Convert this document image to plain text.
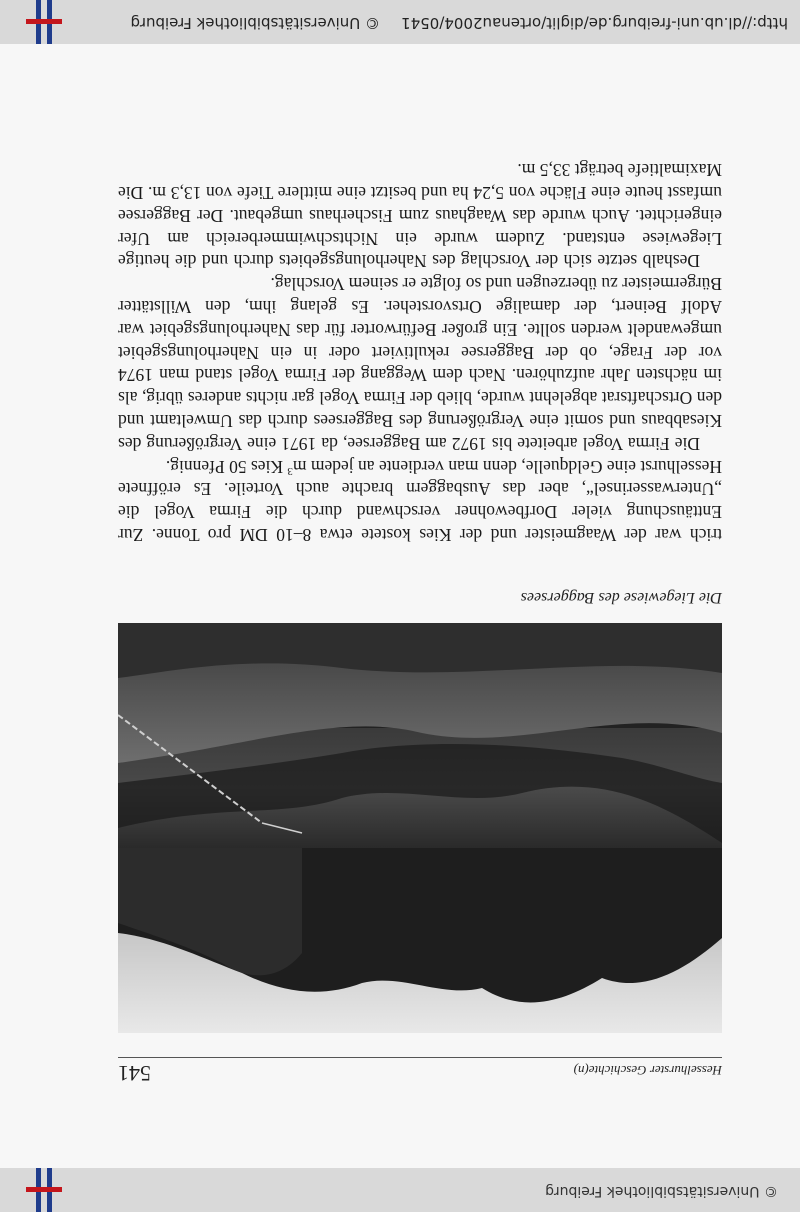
© Universitätsbibliothek Freiburg
Hesselhurster Geschichte(n)
541
Die Liegewiese des Baggersees

trich war der Waagmeister und der Kies kostete etwa 8–10 DM pro Tonne. Zur Enttäuschung vieler Dorfbewohner verschwand durch die Firma Vogel die „Unterwasserinsel“, aber das Ausbaggern brachte auch Vorteile. Es eröffnete Hesselhurst eine Geldquelle, denn man verdiente an jedem $m^3$ Kies 50 Pfennig.

Die Firma Vogel arbeitete bis 1972 am Baggersee, da 1971 eine Vergrößerung des Kiesabbaus und somit eine Vergrößerung des Baggersees durch das Umweltamt und den Ortschaftsrat abgelehnt wurde, blieb der Firma Vogel gar nichts anderes übrig, als im nächsten Jahr aufzuhören. Nach dem Weggang der Firma Vogel stand man 1974 vor der Frage, ob der Baggersee rekultiviert oder in ein Naherholungsgebiet umgewandelt werden sollte. Ein großer Befürworter für das Naherholungsgebiet war Adolf Beinert, der damalige Ortsvorsteher. Es gelang ihm, den Willstätter Bürgermeister zu überzeugen und so folgte er seinem Vorschlag.

Deshalb setzte sich der Vorschlag des Naherholungsgebiets durch und die heutige Liegewiese entstand. Zudem wurde ein Nichtschwimmerbereich am Ufer eingerichtet. Auch wurde das Waaghaus zum Fischerhaus umgebaut. Der Baggersee umfasst heute eine Fläche von 5,24 ha und besitzt eine mittlere Tiefe von 13,3 m. Die Maximaltiefe beträgt 33,5 m.

http://dl.ub.uni-freiburg.de/diglit/ortenau2004/0541
© Universitätsbibliothek Freiburg
